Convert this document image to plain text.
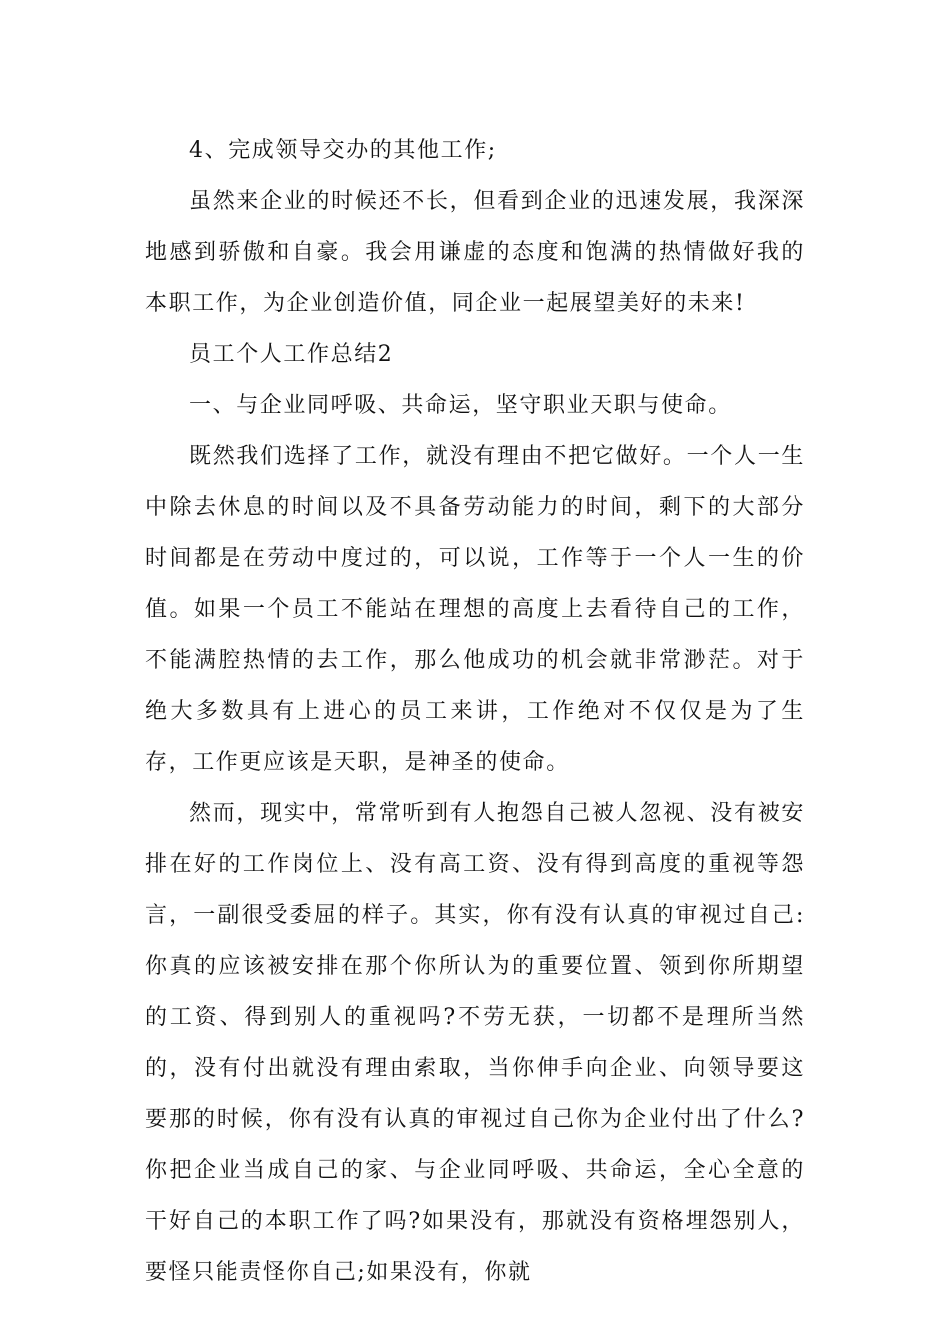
4、完成领导交办的其他工作;

虽然来企业的时候还不长，但看到企业的迅速发展，我深深地感到骄傲和自豪。我会用谦虚的态度和饱满的热情做好我的本职工作，为企业创造价值，同企业一起展望美好的未来!

员工个人工作总结2

一、与企业同呼吸、共命运，坚守职业天职与使命。

既然我们选择了工作，就没有理由不把它做好。一个人一生中除去休息的时间以及不具备劳动能力的时间，剩下的大部分时间都是在劳动中度过的，可以说，工作等于一个人一生的价值。如果一个员工不能站在理想的高度上去看待自己的工作，不能满腔热情的去工作，那么他成功的机会就非常渺茫。对于绝大多数具有上进心的员工来讲，工作绝对不仅仅是为了生存，工作更应该是天职，是神圣的使命。

然而，现实中，常常听到有人抱怨自己被人忽视、没有被安排在好的工作岗位上、没有高工资、没有得到高度的重视等怨言，一副很受委屈的样子。其实，你有没有认真的审视过自己:你真的应该被安排在那个你所认为的重要位置、领到你所期望的工资、得到别人的重视吗?不劳无获，一切都不是理所当然的，没有付出就没有理由索取，当你伸手向企业、向领导要这要那的时候，你有没有认真的审视过自己你为企业付出了什么?你把企业当成自己的家、与企业同呼吸、共命运，全心全意的干好自己的本职工作了吗?如果没有，那就没有资格埋怨别人，要怪只能责怪你自己;如果没有，你就
